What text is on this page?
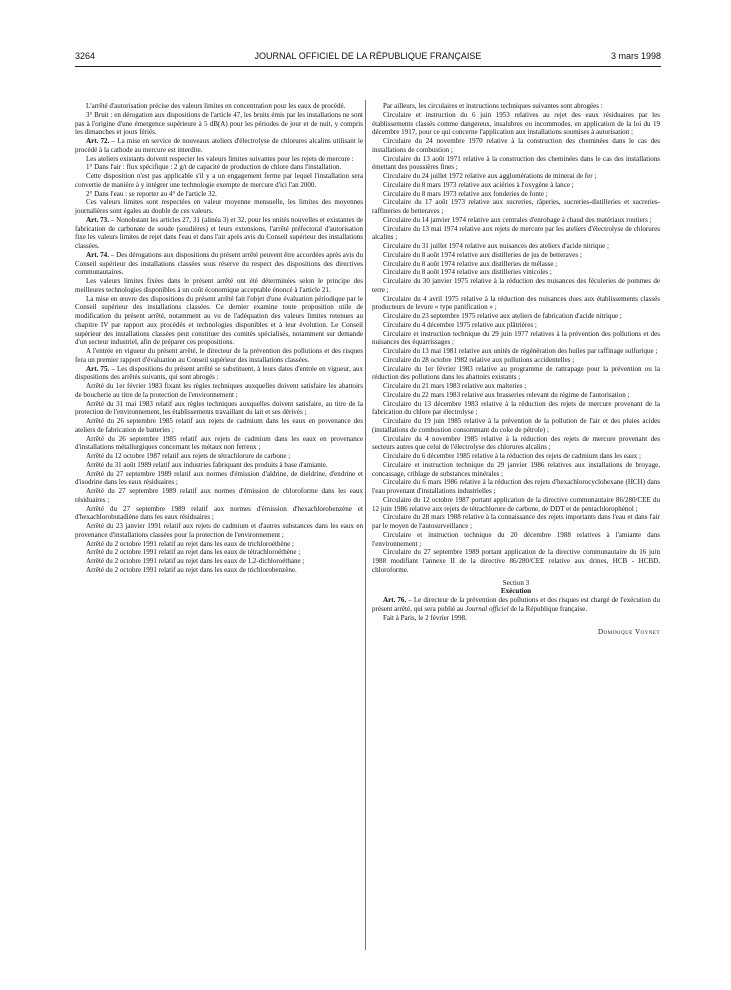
3264	JOURNAL OFFICIEL DE LA RÉPUBLIQUE FRANÇAISE	3 mars 1998

L'arrêté d'autorisation précise des valeurs limites en concentration pour les eaux de procédé.

3° Bruit : en dérogation aux dispositions de l'article 47, les bruits émis par les installations ne sont pas à l'origine d'une émergence supérieure à 5 dB(A) pour les périodes de jour et de nuit, y compris les dimanches et jours fériés.

Art. 72. – La mise en service de nouveaux ateliers d'électrolyse de chlorures alcalins utilisant le procédé à la cathode au mercure est interdite.

Les ateliers existants doivent respecter les valeurs limites suivantes pour les rejets de mercure :

1° Dans l'air : flux spécifique : 2 g/t de capacité de production de chlore dans l'installation.

Cette disposition n'est pas applicable s'il y a un engagement ferme par lequel l'installation sera convertie de manière à y intégrer une technologie exempte de mercure d'ici l'an 2000.

2° Dans l'eau : se reporter au 4° de l'article 32.

Ces valeurs limites sont respectées en valeur moyenne mensuelle, les limites des moyennes journalières sont égales au double de ces valeurs.

Art. 73. – Nonobstant les articles 27, 31 (alinéa 3) et 32, pour les unités nouvelles et existantes de fabrication de carbonate de soude (soudières) et leurs extensions, l'arrêté préfectoral d'autorisation fixe les valeurs limites de rejet dans l'eau et dans l'air après avis du Conseil supérieur des installations classées.

Art. 74. – Des dérogations aux dispositions du présent arrêté peuvent être accordées après avis du Conseil supérieur des installations classées sous réserve du respect des dispositions des directives communautaires.

Les valeurs limites fixées dans le présent arrêté ont été déterminées selon le principe des meilleures technologies disponibles à un coût économique acceptable énoncé à l'article 21.

La mise en œuvre des dispositions du présent arrêté fait l'objet d'une évaluation périodique par le Conseil supérieur des installations classées. Ce dernier examine toute proposition utile de modification du présent arrêté, notamment au vu de l'adéquation des valeurs limites retenues au chapitre IV par rapport aux procédés et technologies disponibles et à leur évolution. Le Conseil supérieur des installations classées peut constituer des comités spécialisés, notamment sur demande d'un secteur industriel, afin de préparer ces propositions.

A l'entrée en vigueur du présent arrêté, le directeur de la prévention des pollutions et des risques fera un premier rapport d'évaluation au Conseil supérieur des installations classées.

Art. 75. – Les dispositions du présent arrêté se substituent, à leurs dates d'entrée en vigueur, aux dispositions des arrêtés suivants, qui sont abrogés :

Arrêté du 1er février 1983 fixant les règles techniques auxquelles doivent satisfaire les abattoirs de boucherie au titre de la protection de l'environnement ;

Arrêté du 31 mai 1983 relatif aux règles techniques auxquelles doivent satisfaire, au titre de la protection de l'environnement, les établissements travaillant du lait et ses dérivés ;

Arrêté du 26 septembre 1985 relatif aux rejets de cadmium dans les eaux en provenance des ateliers de fabrication de batteries ;

Arrêté du 26 septembre 1985 relatif aux rejets de cadmium dans les eaux en provenance d'installations métallurgiques concernant les métaux non ferreux ;

Arrêté du 12 octobre 1987 relatif aux rejets de tétrachlorure de carbone ;

Arrêté du 31 août 1989 relatif aux industries fabriquant des produits à base d'amiante.

Arrêté du 27 septembre 1989 relatif aux normes d'émission d'aldrine, de dieldrine, d'endrine et d'isodrine dans les eaux résiduaires ;

Arrêté du 27 septembre 1989 relatif aux normes d'émission de chloroforme dans les eaux résiduaires ;

Arrêté du 27 septembre 1989 relatif aux normes d'émission d'hexachlorobenzène et d'hexachlorobutadiène dans les eaux résiduaires ;

Arrêté du 23 janvier 1991 relatif aux rejets de cadmium et d'autres substances dans les eaux en provenance d'installations classées pour la protection de l'environnement ;

Arrêté du 2 octobre 1991 relatif au rejet dans les eaux de trichloroéthène ;

Arrêté du 2 octobre 1991 relatif au rejet dans les eaux de tétrachloroéthène ;

Arrêté du 2 octobre 1991 relatif au rejet dans les eaux de 1,2-dichloroéthane ;

Arrêté du 2 octobre 1991 relatif au rejet dans les eaux de trichlorobenzène.

Par ailleurs, les circulaires et instructions techniques suivantes sont abrogées :

Circulaire et instruction du 6 juin 1953 relatives au rejet des eaux résiduaires par les établissements classés comme dangereux, insalubres ou incommodes, en application de la loi du 19 décembre 1917, pour ce qui concerne l'application aux installations soumises à autorisation ;

Circulaire du 24 novembre 1970 relative à la construction des cheminées dans le cas des installations de combustion ;

Circulaire du 13 août 1971 relative à la construction des cheminées dans le cas des installations émettant des poussières fines ;

Circulaire du 24 juillet 1972 relative aux agglomérations de minerai de fer ;

Circulaire du 8 mars 1973 relative aux aciéries à l'oxygène à lance ;

Circulaire du 8 mars 1973 relative aux fonderies de fonte ;

Circulaire du 17 août 1973 relative aux sucreries, râperies, sucreries-distilleries et sucreries-raffineries de betteraves ;

Circulaire du 14 janvier 1974 relative aux centrales d'enrobage à chaud des matériaux routiers ;

Circulaire du 13 mai 1974 relative aux rejets de mercure par les ateliers d'électrolyse de chlorures alcalins ;

Circulaire du 31 juillet 1974 relative aux nuisances des ateliers d'acide nitrique ;

Circulaire du 8 août 1974 relative aux distilleries de jus de betteraves ;

Circulaire du 8 août 1974 relative aux distilleries de mélasse ;

Circulaire du 8 août 1974 relative aux distilleries vinicoles ;

Circulaire du 30 janvier 1975 relative à la réduction des nuisances des féculeries de pommes de terre ;

Circulaire du 4 avril 1975 relative à la réduction des nuisances dues aux établissements classés producteurs de levure « type panification » ;

Circulaire du 23 septembre 1975 relative aux ateliers de fabrication d'acide nitrique ;

Circulaire du 4 décembre 1975 relative aux plâtrières ;

Circulaire et instruction technique du 29 juin 1977 relatives à la prévention des pollutions et des nuisances des équarrissages ;

Circulaire du 13 mai 1981 relative aux unités de régénération des huiles par raffinage sulfurique ;

Circulaire du 28 octobre 1982 relative aux pollutions accidentelles ;

Circulaire du 1er février 1983 relative au programme de rattrapage pour la prévention ou la réduction des pollutions dans les abattoirs existants ;

Circulaire du 21 mars 1983 relative aux malteries ;

Circulaire du 22 mars 1983 relative aux brasseries relevant du régime de l'autorisation ;

Circulaire du 13 décembre 1983 relative à la réduction des rejets de mercure provenant de la fabrication du chlore par électrolyse ;

Circulaire du 19 juin 1985 relative à la prévention de la pollution de l'air et des pluies acides (installations de combustion consommant du coke de pétrole) ;

Circulaire du 4 novembre 1985 relative à la réduction des rejets de mercure provenant des secteurs autres que celui de l'électrolyse des chlorures alcalins ;

Circulaire du 6 décembre 1985 relative à la réduction des rejets de cadmium dans les eaux ;

Circulaire et instruction technique du 29 janvier 1986 relatives aux installations de broyage, concassage, criblage de substances minérales ;

Circulaire du 6 mars 1986 relative à la réduction des rejets d'hexachlorocyclohexane (HCH) dans l'eau provenant d'installations industrielles ;

Circulaire du 12 octobre 1987 portant application de la directive communautaire 86/280/CEE du 12 juin 1986 relative aux rejets de tétrachlorure de carbone, de DDT et de pentachlorophénol ;

Circulaire du 28 mars 1988 relative à la connaissance des rejets importants dans l'eau et dans l'air par le moyen de l'autosurveillance ;

Circulaire et instruction technique du 20 décembre 1988 relatives à l'amiante dans l'environnement ;

Circulaire du 27 septembre 1989 portant application de la directive communautaire du 16 juin 1988 modifiant l'annexe II de la directive 86/280/CEE relative aux drines, HCB - HCBD, chloroforme.

Section 3

Exécution

Art. 76. – Le directeur de la prévention des pollutions et des risques est chargé de l'exécution du présent arrêté, qui sera publié au Journal officiel de la République française.

Fait à Paris, le 2 février 1998.

Dominique Voynet
